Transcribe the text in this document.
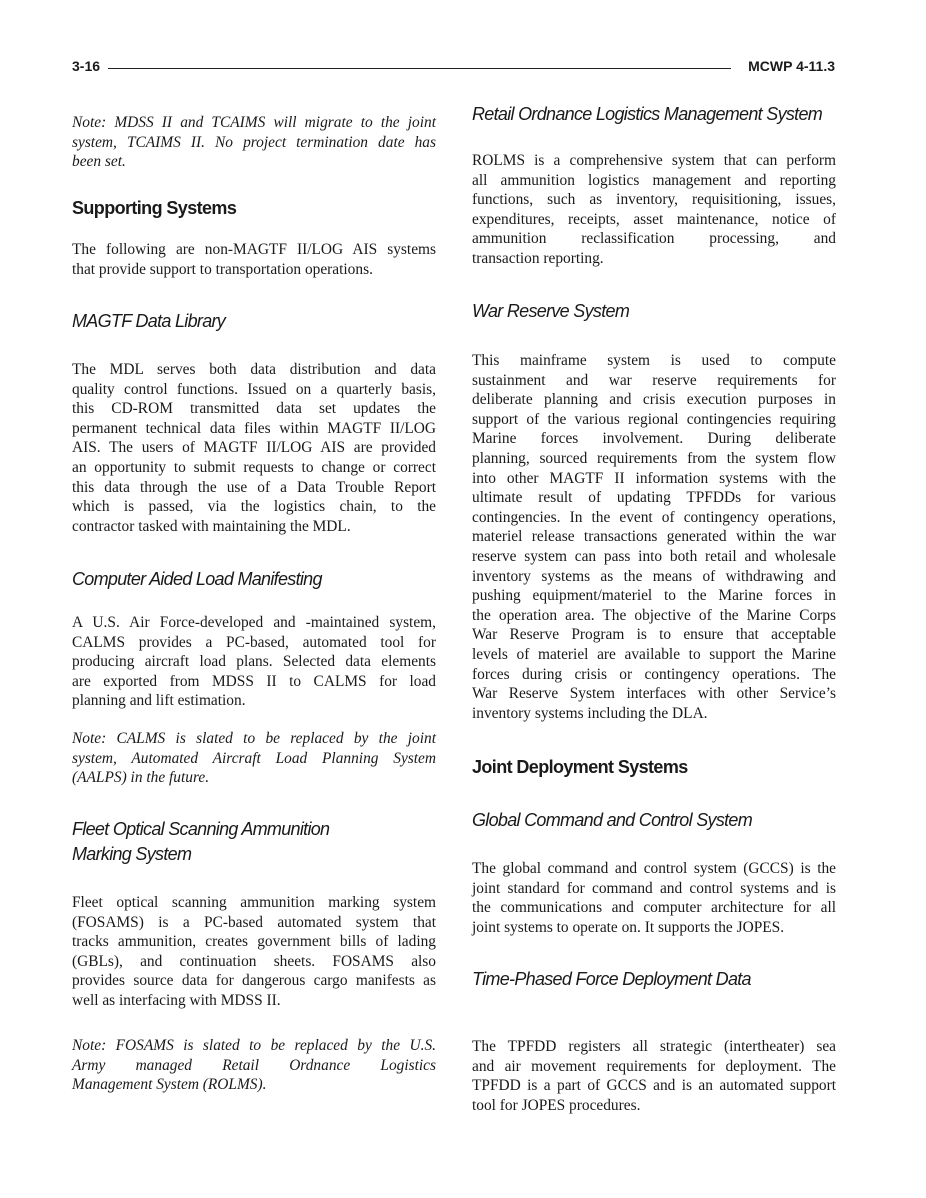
3-16	MCWP 4-11.3
Note: MDSS II and TCAIMS will migrate to the joint
system, TCAIMS II. No project termination date has
been set.
Supporting Systems
The following are non-MAGTF II/LOG AIS systems
that provide support to transportation operations.
MAGTF Data Library
The MDL serves both data distribution and data
quality control functions. Issued on a quarterly basis,
this CD-ROM transmitted data set updates the
permanent technical data files within MAGTF II/LOG
AIS. The users of MAGTF II/LOG AIS are provided
an opportunity to submit requests to change or correct
this data through the use of a Data Trouble Report
which is passed, via the logistics chain, to the
contractor tasked with maintaining the MDL.
Computer Aided Load Manifesting
A U.S. Air Force-developed and -maintained system,
CALMS provides a PC-based, automated tool for
producing aircraft load plans. Selected data elements
are exported from MDSS II to CALMS for load
planning and lift estimation.
Note: CALMS is slated to be replaced by the joint
system, Automated Aircraft Load Planning System
(AALPS) in the future.
Fleet Optical Scanning Ammunition
Marking System
Fleet optical scanning ammunition marking system
(FOSAMS) is a PC-based automated system that
tracks ammunition, creates government bills of lading
(GBLs), and continuation sheets. FOSAMS also
provides source data for dangerous cargo manifests as
well as interfacing with MDSS II.
Note: FOSAMS is slated to be replaced by the U.S.
Army managed Retail Ordnance Logistics
Management System (ROLMS).
Retail Ordnance Logistics Management System
ROLMS is a comprehensive system that can perform
all ammunition logistics management and reporting
functions, such as inventory, requisitioning, issues,
expenditures, receipts, asset maintenance, notice of
ammunition reclassification processing, and
transaction reporting.
War Reserve System
This mainframe system is used to compute
sustainment and war reserve requirements for
deliberate planning and crisis execution purposes in
support of the various regional contingencies requiring
Marine forces involvement. During deliberate
planning, sourced requirements from the system flow
into other MAGTF II information systems with the
ultimate result of updating TPFDDs for various
contingencies. In the event of contingency operations,
materiel release transactions generated within the war
reserve system can pass into both retail and wholesale
inventory systems as the means of withdrawing and
pushing equipment/materiel to the Marine forces in
the operation area. The objective of the Marine Corps
War Reserve Program is to ensure that acceptable
levels of materiel are available to support the Marine
forces during crisis or contingency operations. The
War Reserve System interfaces with other Service’s
inventory systems including the DLA.
Joint Deployment Systems
Global Command and Control System
The global command and control system (GCCS) is the
joint standard for command and control systems and is
the communications and computer architecture for all
joint systems to operate on. It supports the JOPES.
Time-Phased Force Deployment Data
The TPFDD registers all strategic (intertheater) sea
and air movement requirements for deployment. The
TPFDD is a part of GCCS and is an automated support
tool for JOPES procedures.
